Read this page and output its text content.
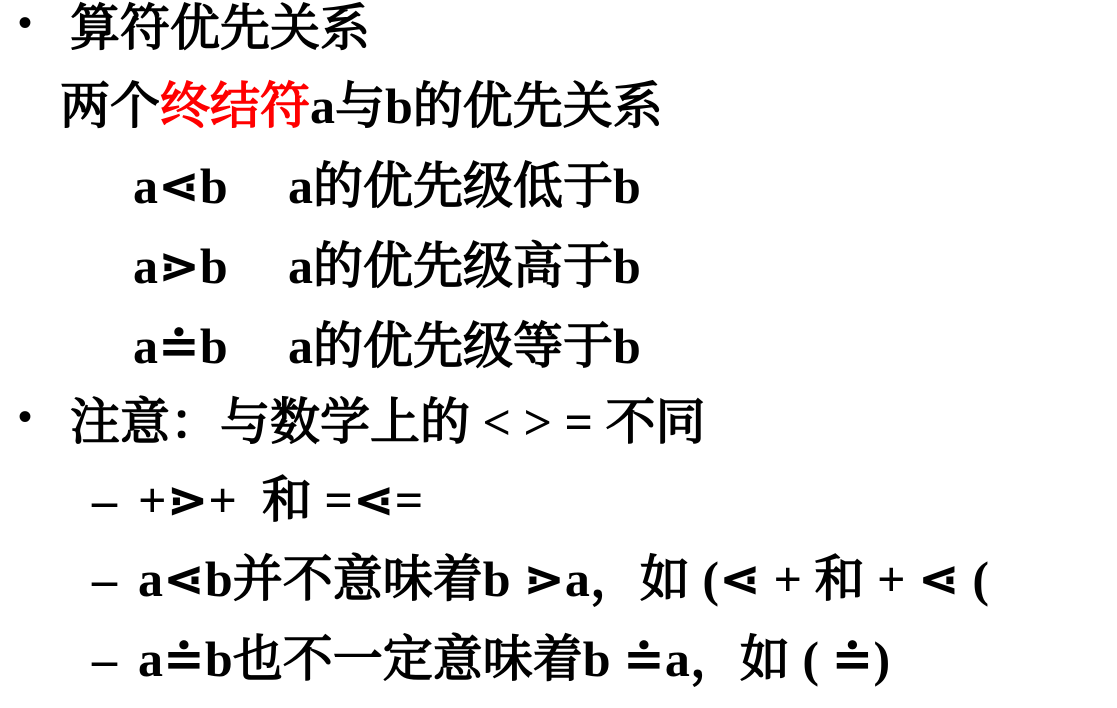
•

算符优先关系

两个终结符a与b的优先关系

a⋖b

a的优先级低于b

a⋗b

a的优先级高于b

a≐b

a的优先级等于b

•

注意：与数学上的 < > = 不同

–

+⋗+  和 =⋖=

–

a⋖b并不意味着b ⋗a，如 (⋖ + 和 + ⋖ (

–

a≐b也不一定意味着b ≐a，如 ( ≐)
